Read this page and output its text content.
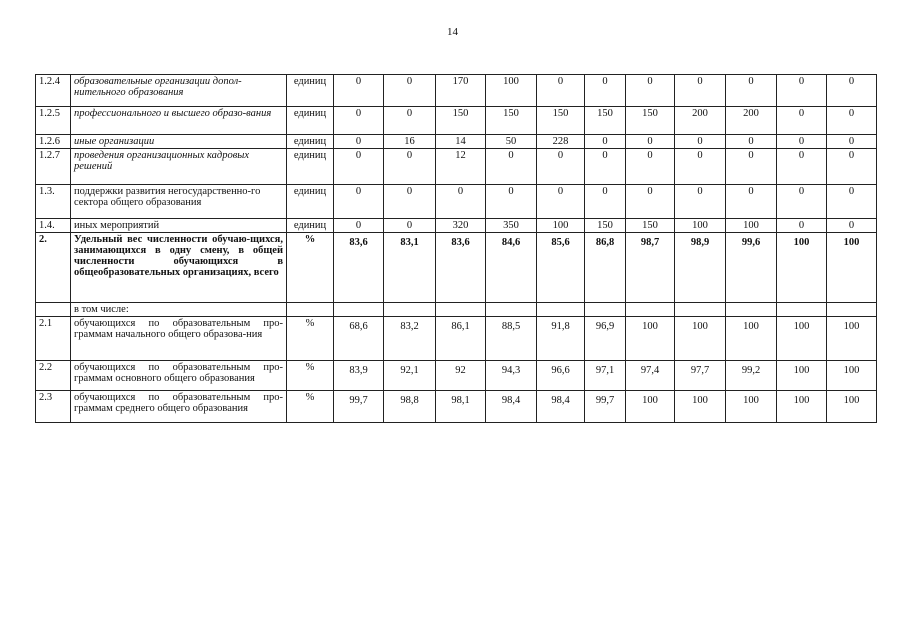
14
1.2.4	образовательные организации допол-нительного образования	единиц	0	0	170	100	0	0	0	0	0	0	0
1.2.5	профессионального и высшего образо-вания	единиц	0	0	150	150	150	150	150	200	200	0	0
1.2.6	иные организации	единиц	0	16	14	50	228	0	0	0	0	0	0
1.2.7	проведения организационных кадровых решений	единиц	0	0	12	0	0	0	0	0	0	0	0
1.3.	поддержки развития негосударственно-го сектора общего образования	единиц	0	0	0	0	0	0	0	0	0	0	0
1.4.	иных мероприятий	единиц	0	0	320	350	100	150	150	100	100	0	0
2.	Удельный вес численности обучаю-щихся, занимающихся в одну смену, в общей численности обучающихся в общеобразовательных организациях, всего	%	83,6	83,1	83,6	84,6	85,6	86,8	98,7	98,9	99,6	100	100
	в том числе:												
2.1	обучающихся по образовательным про-граммам начального общего образова-ния	%	68,6	83,2	86,1	88,5	91,8	96,9	100	100	100	100	100
2.2	обучающихся по образовательным про-граммам основного общего образования	%	83,9	92,1	92	94,3	96,6	97,1	97,4	97,7	99,2	100	100
2.3	обучающихся по образовательным про-граммам среднего общего образования	%	99,7	98,8	98,1	98,4	98,4	99,7	100	100	100	100	100
